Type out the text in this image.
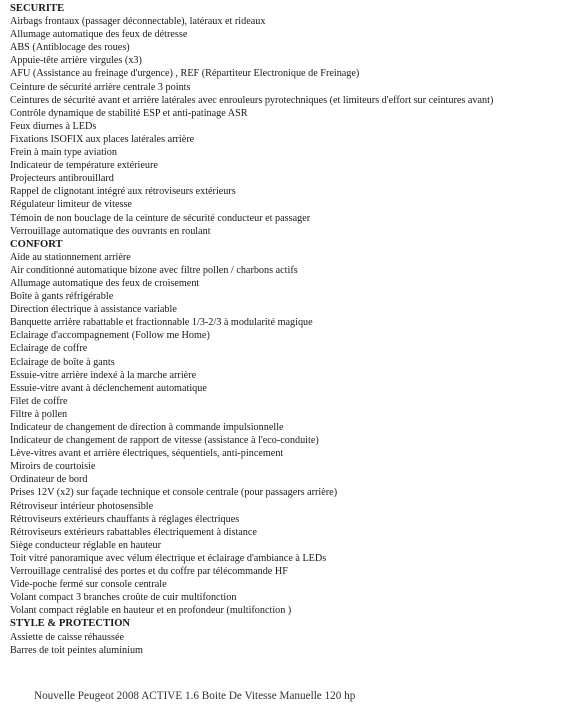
SECURITE
Airbags frontaux (passager déconnectable), latéraux et rideaux
Allumage automatique des feux de détresse
ABS (Antiblocage des roues)
Appuie-tête arrière virgules (x3)
AFU (Assistance au freinage d'urgence) , REF (Répartiteur Electronique de Freinage)
Ceinture de sécurité arrière centrale 3 points
Ceintures de sécurité avant et arrière latérales avec enrouleurs pyrotechniques (et limiteurs d'effort sur ceintures avant)
Contrôle dynamique de stabilité ESP et anti-patinage ASR
Feux diurnes à LEDs
Fixations ISOFIX aux places latérales arrière
Frein à main type aviation
Indicateur de température extérieure
Projecteurs antibrouillard
Rappel de clignotant intégré aux rétroviseurs extérieurs
Régulateur limiteur de vitesse
Témoin de non bouclage de la ceinture de sécurité conducteur et passager
Verrouillage automatique des ouvrants en roulant
CONFORT
Aide au stationnement arrière
Air conditionné automatique bizone avec filtre pollen / charbons actifs
Allumage automatique des feux de croisement
Boîte à gants réfrigérable
Direction électrique à assistance variable
Banquette arrière rabattable et fractionnable 1/3-2/3 à modularité magique
Eclairage d'accompagnement (Follow me Home)
Eclairage de coffre
Eclairage de boîte à gants
Essuie-vitre arrière indexé à la marche arrière
Essuie-vitre avant à déclenchement automatique
Filet de coffre
Filtre à pollen
Indicateur de changement de direction à commande impulsionnelle
Indicateur de changement de rapport de vitesse (assistance à l'eco-conduite)
Lève-vitres avant et arrière électriques, séquentiels, anti-pincement
Miroirs de courtoisie
Ordinateur de bord
Prises 12V (x2) sur façade technique et console centrale (pour passagers arrière)
Rétroviseur intérieur photosensible
Rétroviseurs extérieurs chauffants à réglages électriques
Rétroviseurs extérieurs rabattables électriquement à distance
Siège conducteur réglable en hauteur
Toit vitré panoramique avec vélum électrique et éclairage d'ambiance à LEDs
Verrouillage centralisé des portes et du coffre par télécommande HF
Vide-poche fermé sur console centrale
Volant compact 3 branches croûte de cuir multifonction
Volant compact réglable en hauteur et en profondeur (multifonction )
STYLE & PROTECTION
Assiette de caisse réhaussée
Barres de toit peintes aluminium
Nouvelle Peugeot 2008 ACTIVE 1.6 Boite De Vitesse Manuelle 120 hp
